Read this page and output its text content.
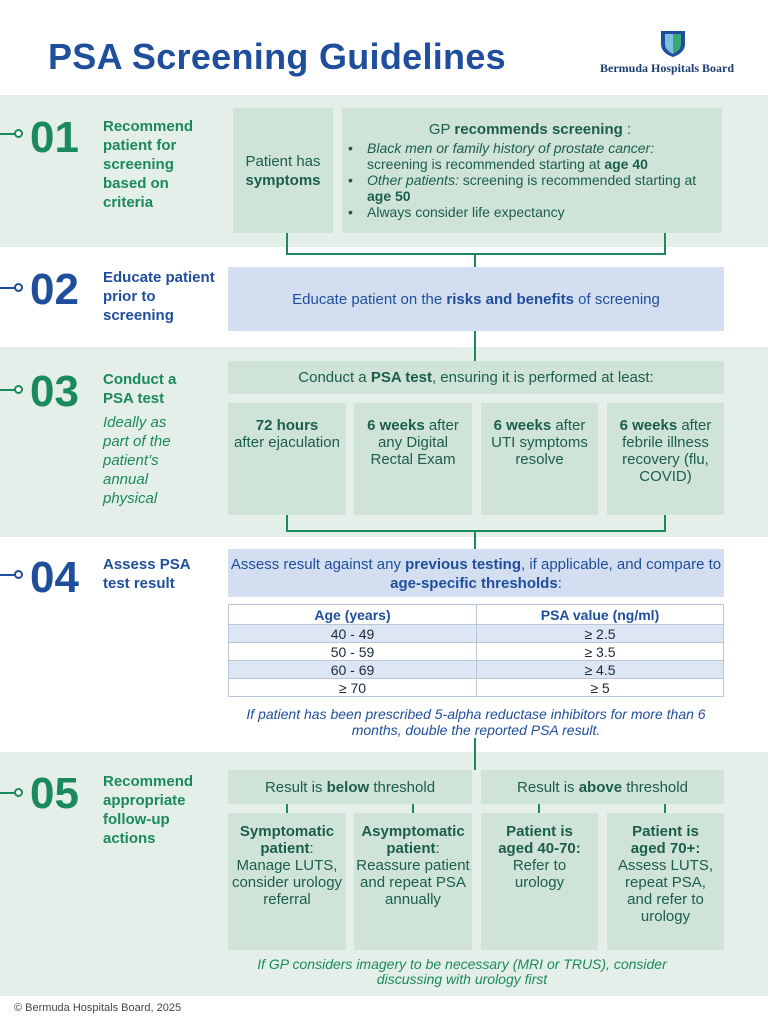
PSA Screening Guidelines	Bermuda Hospitals Board
01 Recommend patient for screening based on criteria
Patient has
symptoms
GP recommends screening :
•	Black men or family history of prostate cancer: screening is recommended starting at age 40
•	Other patients: screening is recommended starting at age 50
•	Always consider life expectancy
02 Educate patient prior to screening
Educate patient on the risks and benefits of screening
03 Conduct a PSA test
Ideally as part of the patient’s annual physical
Conduct a PSA test, ensuring it is performed at least:
72 hours
after ejaculation
6 weeks after any Digital Rectal Exam
6 weeks after UTI symptoms resolve
6 weeks after febrile illness recovery (flu, COVID)
04 Assess PSA test result
Assess result against any previous testing, if applicable, and compare to age-specific thresholds:
Age (years)	PSA value (ng/ml)
40 - 49	≥ 2.5
50 - 59	≥ 3.5
60 - 69	≥ 4.5
≥ 70	≥ 5
If patient has been prescribed 5-alpha reductase inhibitors for more than 6 months, double the reported PSA result.
05 Recommend appropriate follow-up actions
Result is below threshold	Result is above threshold
Symptomatic patient:
Manage LUTS, consider urology referral
Asymptomatic patient:
Reassure patient and repeat PSA annually
Patient is aged 40-70:
Refer to urology
Patient is aged 70+:
Assess LUTS, repeat PSA, and refer to urology
If GP considers imagery to be necessary (MRI or TRUS), consider discussing with urology first
© Bermuda Hospitals Board, 2025
